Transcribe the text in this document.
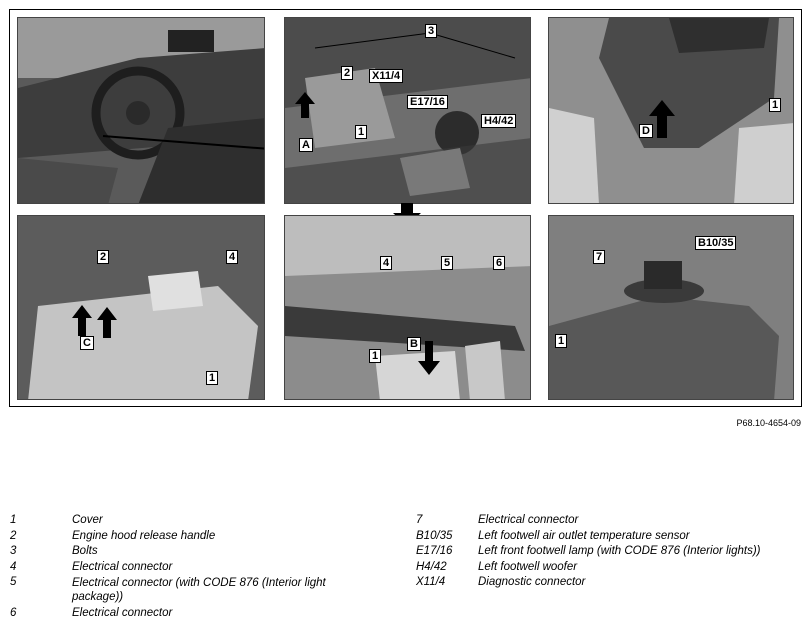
3
2 X11/4
E17/16
H4/42
1
A
1
D
2	4
C
1
4	5	6
1
B
7
B10/35
1
P68.10-4654-09
1	Cover
2	Engine hood release handle
3	Bolts
4	Electrical connector
5	Electrical connector (with CODE 876 (Interior light package))
6	Electrical connector
7	Electrical connector
B10/35 Left footwell air outlet temperature sensor
E17/16 Left front footwell lamp (with CODE 876 (Interior lights))
H4/42	Left footwell woofer
X11/4	Diagnostic connector
